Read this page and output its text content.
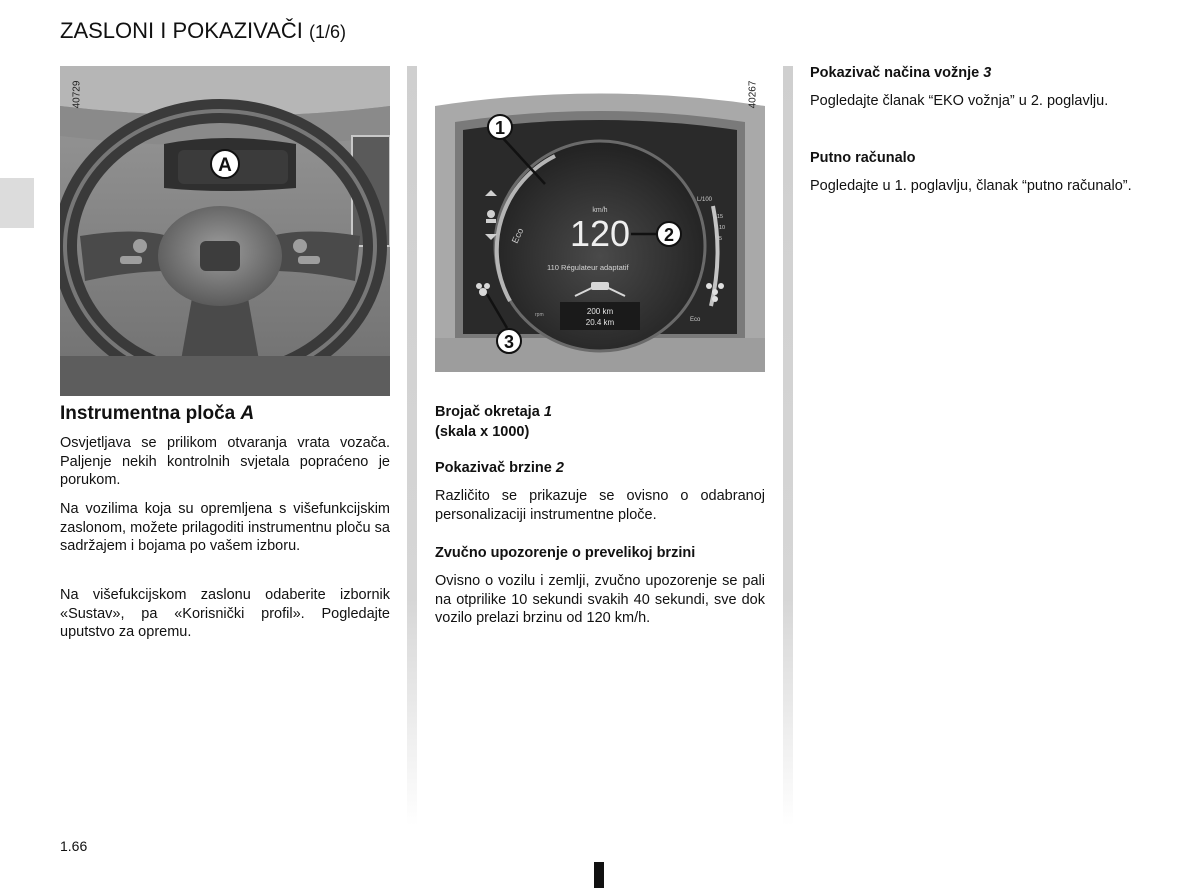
ZASLONI I POKAZIVAČI (1/6)
A
40729
Eco
km/h
120
110 Régulateur adaptatif
200 km
20.4 km
rpm
L/100
15
10
5
Eco
1
2
3
40267
Instrumentna ploča A

Osvjetljava se prilikom otvaranja vrata vozača. Paljenje nekih kontrolnih svjetala popraćeno je porukom.

Na vozilima koja su opremljena s višefunkcijskim zaslonom, možete prilagoditi instrumentnu ploču sa sadržajem i bojama po vašem izboru.

Na višefukcijskom zaslonu odaberite izbornik «Sustav», pa «Korisnički profil». Pogledajte uputstvo za opremu.

Brojač okretaja 1
(skala x 1000)
Pokazivač brzine 2

Različito se prikazuje se ovisno o odabranoj personalizaciji instrumentne ploče.

Zvučno upozorenje o prevelikoj brzini

Ovisno o vozilu i zemlji, zvučno upozorenje se pali na otprilike 10 sekundi svakih 40 sekundi, sve dok vozilo prelazi brzinu od 120 km/h.

Pokazivač načina vožnje 3

Pogledajte članak “EKO vožnja” u 2. poglavlju.

Putno računalo

Pogledajte u 1. poglavlju, članak “putno računalo”.

1.66
